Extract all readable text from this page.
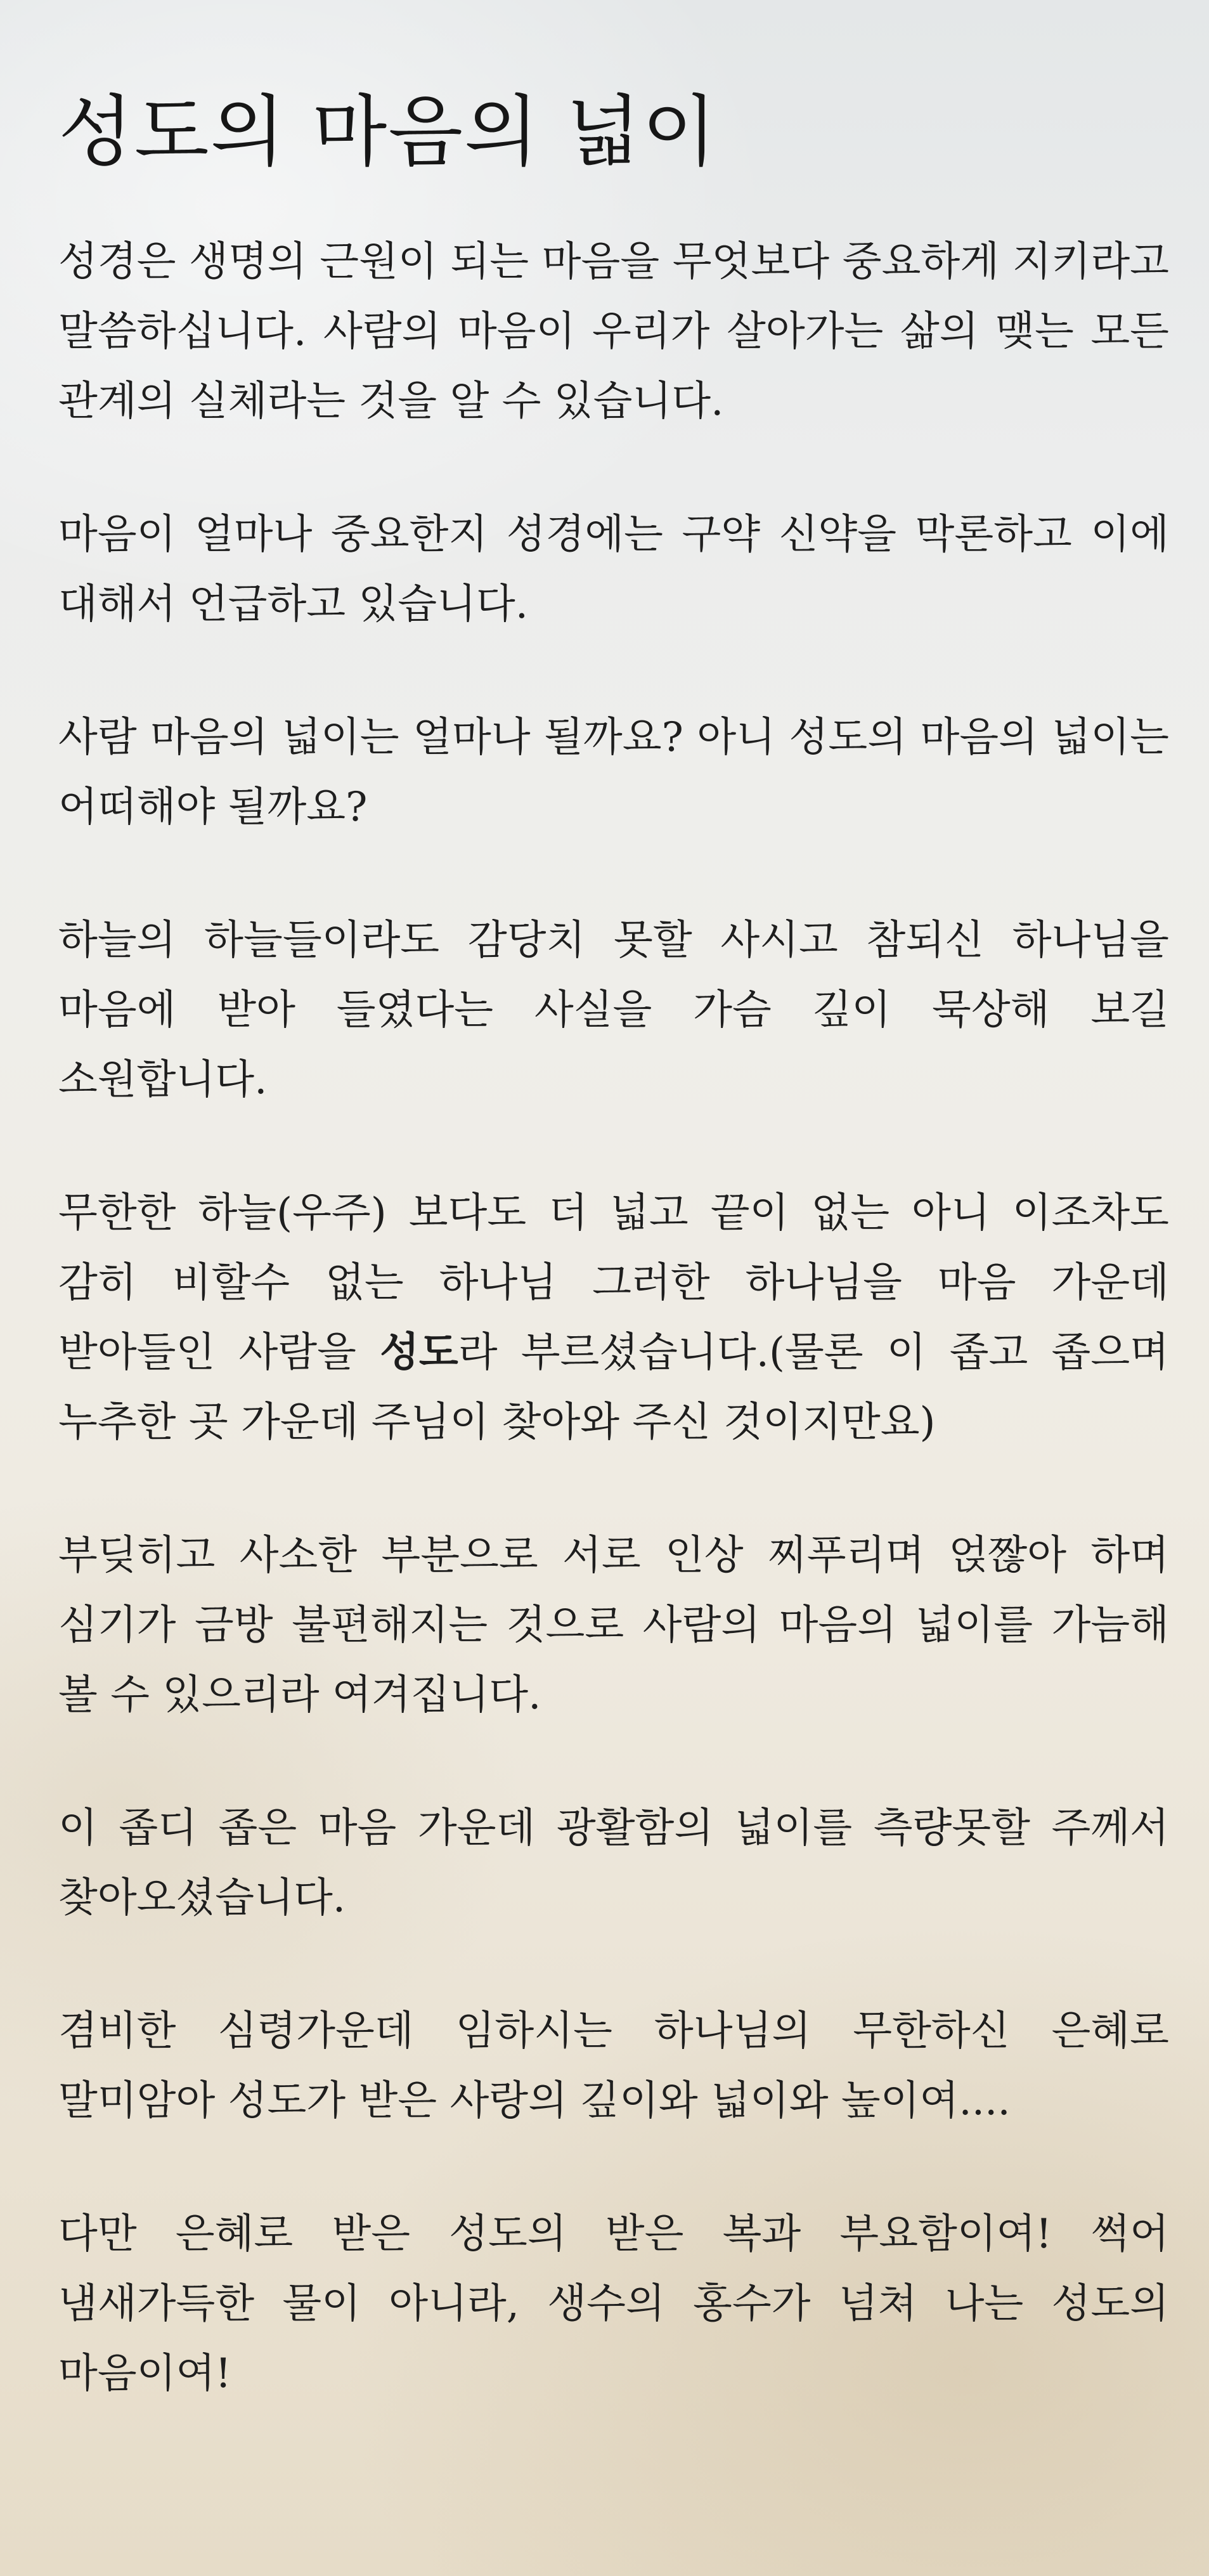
성도의 마음의 넓이

성경은 생명의 근원이 되는 마음을 무엇보다 중요하게 지키라고 말씀하십니다. 사람의 마음이 우리가 살아가는 삶의 맺는 모든 관계의 실체라는 것을 알 수 있습니다.

마음이 얼마나 중요한지 성경에는 구약 신약을 막론하고 이에 대해서 언급하고 있습니다.

사람 마음의 넓이는 얼마나 될까요? 아니 성도의 마음의 넓이는 어떠해야 될까요?

하늘의 하늘들이라도 감당치 못할 사시고 참되신 하나님을 마음에 받아 들였다는 사실을 가슴 깊이 묵상해 보길 소원합니다.

무한한 하늘(우주) 보다도 더 넓고 끝이 없는 아니 이조차도 감히 비할수 없는 하나님 그러한 하나님을 마음 가운데 받아들인 사람을 성도라 부르셨습니다.(물론 이 좁고 좁으며 누추한 곳 가운데 주님이 찾아와 주신 것이지만요)

부딪히고 사소한 부분으로 서로 인상 찌푸리며 얹짢아 하며 심기가 금방 불편해지는 것으로 사람의 마음의 넓이를 가늠해 볼 수 있으리라 여겨집니다.

이 좁디 좁은 마음 가운데 광활함의 넓이를 측량못할 주께서 찾아오셨습니다.

겸비한 심령가운데 임하시는 하나님의 무한하신 은혜로 말미암아 성도가 받은 사랑의 깊이와 넓이와 높이여....

다만 은혜로 받은 성도의 받은 복과 부요함이여! 썩어 냄새가득한 물이 아니라, 생수의 홍수가 넘쳐 나는 성도의 마음이여!
